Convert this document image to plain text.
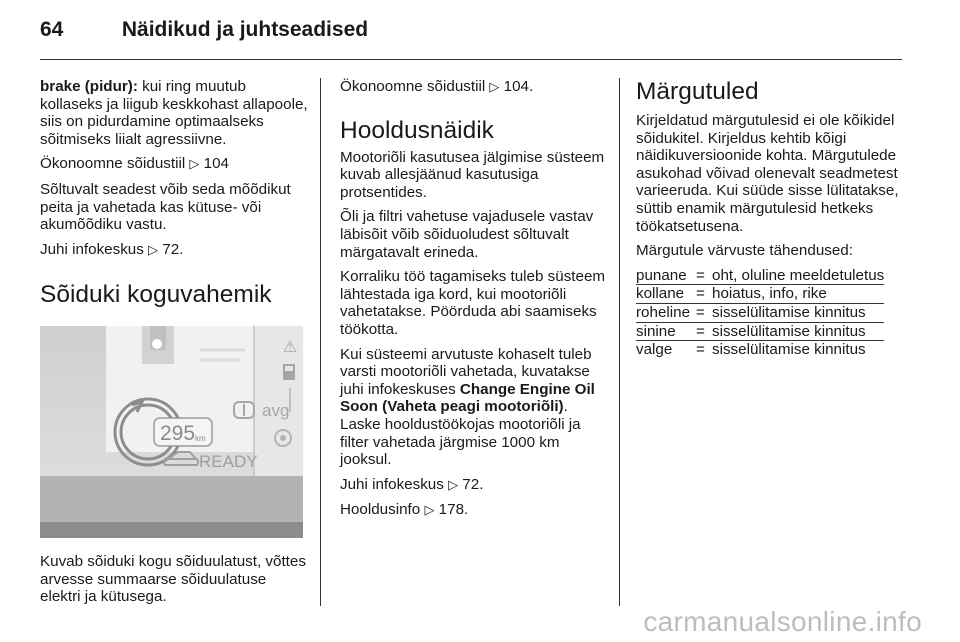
64	Näidikud ja juhtseadised

brake (pidur): kui ring muutub kollaseks ja liigub keskkohast allapoole, siis on pidurdamine optimaalseks sõitmiseks liialt agressiivne.

Ökonoomne sõidustiil ▷ 104

Sõltuvalt seadest võib seda mõõdikut peita ja vahetada kas kütuse- või akumõõdiku vastu.

Juhi infokeskus ▷ 72.

Sõiduki koguvahemik
⚠
295 km
READY
avg
Kuvab sõiduki kogu sõiduulatust, võttes arvesse summaarse sõiduulatuse elektri ja kütusega.

Ökonoomne sõidustiil ▷ 104.

Hooldusnäidik

Mootoriõli kasutusea jälgimise süsteem kuvab allesjäänud kasutusiga protsentides.

Õli ja filtri vahetuse vajadusele vastav läbisõit võib sõiduoludest sõltuvalt märgatavalt erineda.

Korraliku töö tagamiseks tuleb süsteem lähtestada iga kord, kui mootoriõli vahetatakse. Pöörduda abi saamiseks töökotta.

Kui süsteemi arvutuste kohaselt tuleb varsti mootoriõli vahetada, kuvatakse juhi infokeskuses Change Engine Oil Soon (Vaheta peagi mootoriõli). Laske hooldustöökojas mootoriõli ja filter vahetada järgmise 1000 km jooksul.

Juhi infokeskus ▷ 72.

Hooldusinfo ▷ 178.

Märgutuled

Kirjeldatud märgutulesid ei ole kõikidel sõidukitel. Kirjeldus kehtib kõigi näidikuversioonide kohta. Märgutulede asukohad võivad olenevalt seadmetest varieeruda. Kui süüde sisse lülitatakse, süttib enamik märgutulesid hetkeks töökatsetusena.

Märgutule värvuste tähendused:

punane	=	oht, oluline meeldetuletus
kollane	=	hoiatus, info, rike
roheline	=	sisselülitamise kinnitus
sinine	=	sisselülitamise kinnitus
valge	=	sisselülitamise kinnitus
carmanualsonline.info
